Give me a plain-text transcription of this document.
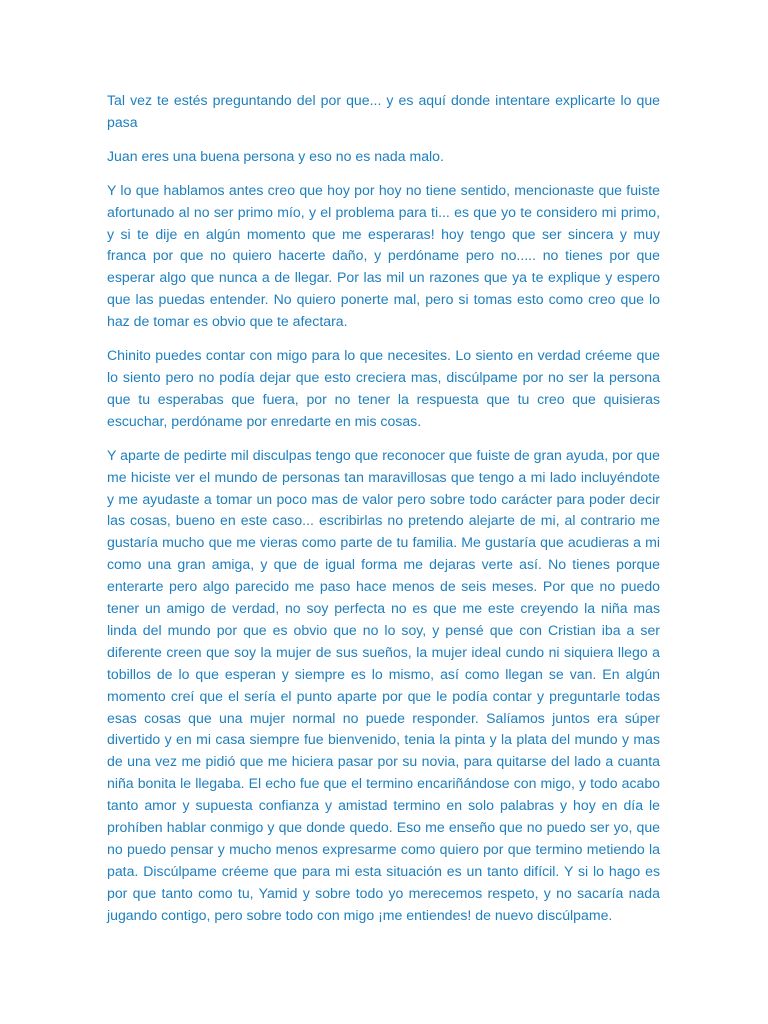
Tal vez te estés preguntando del por que... y es aquí donde intentare explicarte lo que pasa

Juan eres una buena persona y eso no es nada malo.

Y lo que hablamos antes creo que hoy por hoy no tiene sentido, mencionaste que fuiste afortunado al no ser primo mío, y el problema para ti... es que yo te considero mi primo, y si te dije en algún momento que me esperaras! hoy tengo que ser sincera y muy franca por que no quiero hacerte daño, y perdóname pero no..... no tienes por que esperar algo que nunca a de llegar. Por las mil un razones que ya te explique y espero que las puedas entender. No quiero ponerte mal, pero si tomas esto como creo que lo haz de tomar es obvio que te afectara.

Chinito puedes contar con migo para lo que necesites. Lo siento en verdad créeme que lo siento pero no podía dejar que esto creciera mas, discúlpame por no ser la persona que tu esperabas que fuera, por no tener la respuesta que tu creo que quisieras escuchar, perdóname por enredarte en mis cosas.

Y aparte de pedirte mil disculpas tengo que reconocer que fuiste de gran ayuda, por que me hiciste ver el mundo de personas tan maravillosas que tengo a mi lado incluyéndote y me ayudaste a tomar un poco mas de valor pero sobre todo carácter para poder decir las cosas, bueno en este caso... escribirlas no pretendo alejarte de mi, al contrario me gustaría mucho que me vieras como parte de tu familia. Me gustaría que acudieras a mi como una gran amiga, y que de igual forma me dejaras verte así. No tienes porque enterarte pero algo parecido me paso hace menos de seis meses. Por que no puedo tener un amigo de verdad, no soy perfecta no es que me este creyendo la niña mas linda del mundo por que es obvio que no lo soy, y pensé que con Cristian iba a ser diferente creen que soy la mujer de sus sueños, la mujer ideal cundo ni siquiera llego a tobillos de lo que esperan y siempre es lo mismo, así como llegan se van. En algún momento creí que el sería el punto aparte por que le podía contar y preguntarle todas esas cosas que una mujer normal no puede responder. Salíamos juntos era súper divertido y en mi casa siempre fue bienvenido, tenia la pinta y la plata del mundo y mas de una vez me pidió que me hiciera pasar por su novia, para quitarse del lado a cuanta niña bonita le llegaba. El echo fue que el termino encariñándose con migo, y todo acabo tanto amor y supuesta confianza y amistad termino en solo palabras y hoy en día le prohíben hablar conmigo y que donde quedo. Eso me enseño que no puedo ser yo, que no puedo pensar y mucho menos expresarme como quiero por que termino metiendo la pata. Discúlpame créeme que para mi esta situación es un tanto difícil. Y si lo hago es por que tanto como tu, Yamid y sobre todo yo merecemos respeto, y no sacaría nada jugando contigo, pero sobre todo con migo ¡me entiendes! de nuevo discúlpame.
